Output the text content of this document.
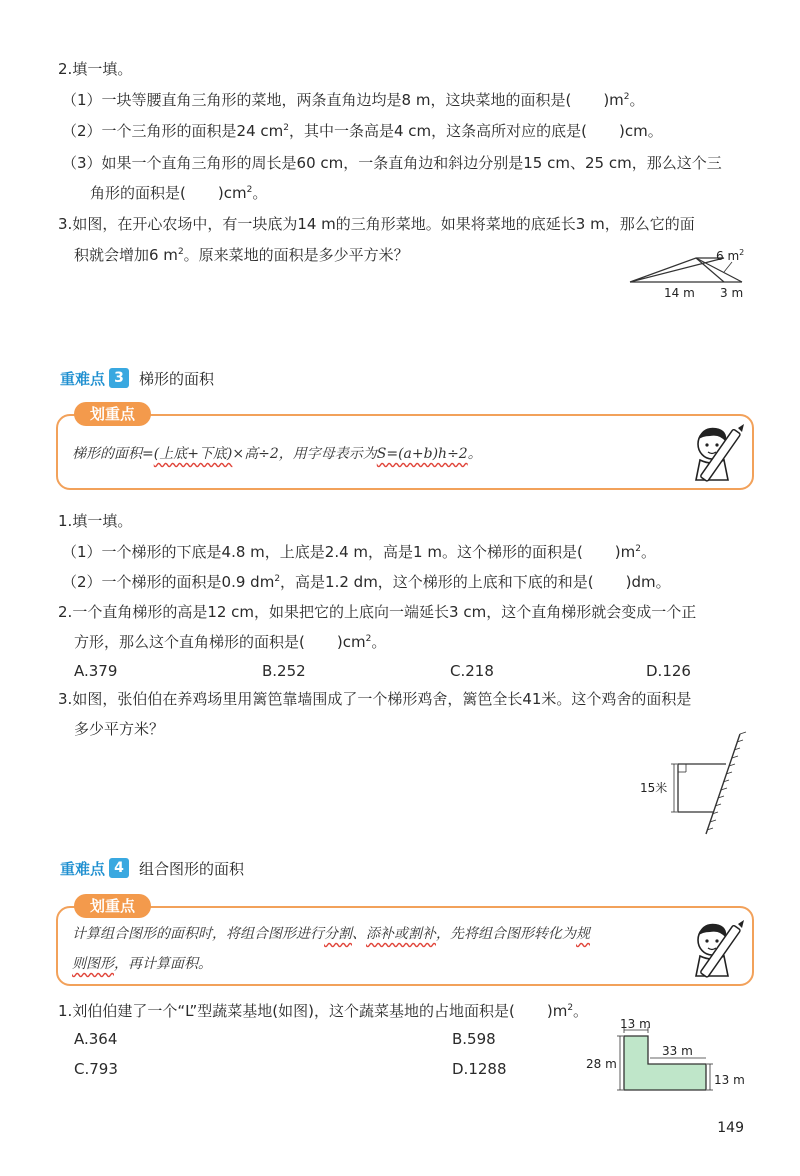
2.填一填。
（1）一块等腰直角三角形的菜地，两条直角边均是8 m，这块菜地的面积是( )$m^2$。
（2）一个三角形的面积是24 $cm^2$，其中一条高是4 cm，这条高所对应的底是( )cm。
（3）如果一个直角三角形的周长是60 cm，一条直角边和斜边分别是15 cm、25 cm，那么这个三
角形的面积是( )$cm^2$。
3.如图，在开心农场中，有一块底为14 m的三角形菜地。如果将菜地的底延长3 m，那么它的面
积就会增加6 $m^2$。原来菜地的面积是多少平方米？	6 $m^2$
14 m 3 m
重难点 3	梯形的面积
划重点
梯形的面积=(上底+下底)×高÷2，用字母表示为S=(a+b)h÷2。
1.填一填。
（1）一个梯形的下底是4.8 m，上底是2.4 m，高是1 m。这个梯形的面积是( )$m^2$。
（2）一个梯形的面积是0.9 $dm^2$，高是1.2 dm，这个梯形的上底和下底的和是( )dm。
2.一个直角梯形的高是12 cm，如果把它的上底向一端延长3 cm，这个直角梯形就会变成一个正
方形，那么这个直角梯形的面积是( )$cm^2$。
A.379	B.252	C.218	D.126
3.如图，张伯伯在养鸡场里用篱笆靠墙围成了一个梯形鸡舍，篱笆全长41米。这个鸡舍的面积是
多少平方米？
15米
重难点 4	组合图形的面积
划重点
计算组合图形的面积时，将组合图形进行分割、添补或割补，先将组合图形转化为规
则图形，再计算面积。
1.刘伯伯建了一个“L”型蔬菜基地(如图)，这个蔬菜基地的占地面积是( )$m^2$。
A.364	B.598
C.793	D.1288
13 m
33 m
28 m
13 m
149
